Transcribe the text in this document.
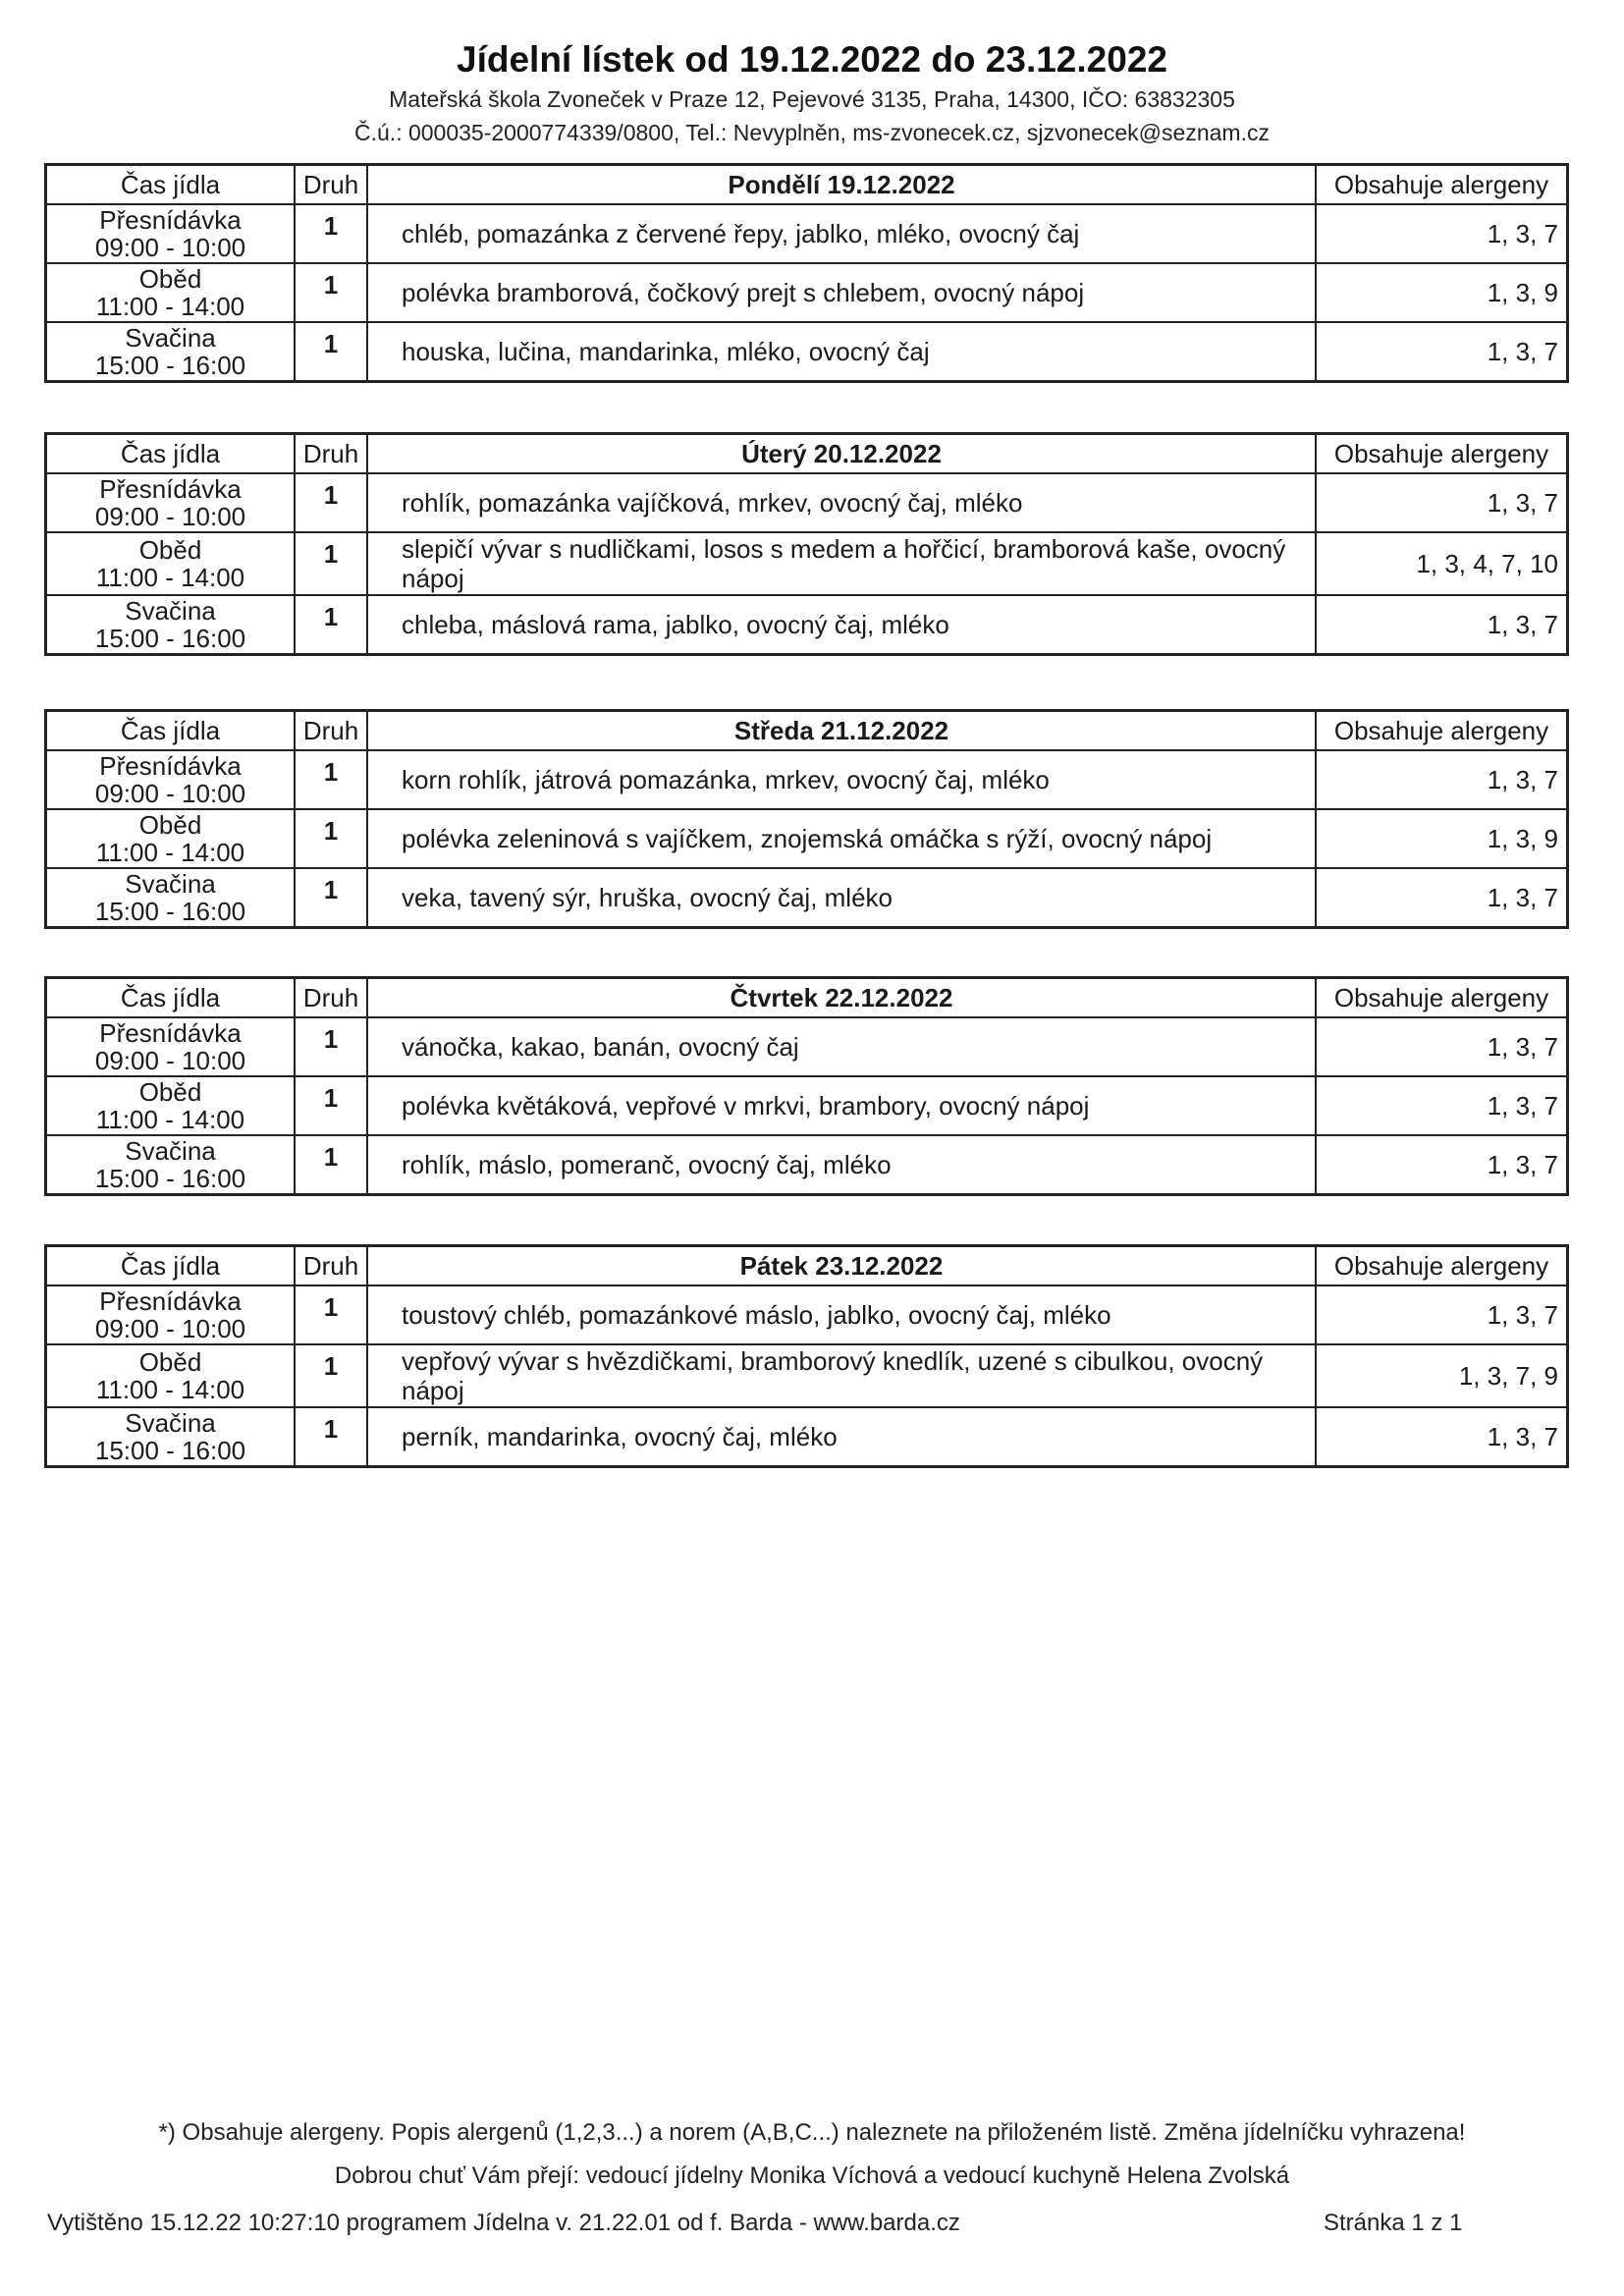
Jídelní lístek od 19.12.2022 do 23.12.2022
Mateřská škola Zvoneček v Praze 12, Pejevové 3135, Praha, 14300, IČO: 63832305
Č.ú.: 000035-2000774339/0800, Tel.: Nevyplněn, ms-zvonecek.cz, sjzvonecek@seznam.cz
Čas jídla	Druh	Pondělí 19.12.2022	Obsahuje alergeny

Přesnídávka
09:00 - 10:00	1	chléb, pomazánka z červené řepy, jablko, mléko, ovocný čaj	1, 3, 7

Oběd
11:00 - 14:00	1	polévka bramborová, čočkový prejt s chlebem, ovocný nápoj	1, 3, 9

Svačina
15:00 - 16:00	1	houska, lučina, mandarinka, mléko, ovocný čaj	1, 3, 7
Čas jídla	Druh	Úterý 20.12.2022	Obsahuje alergeny

Přesnídávka
09:00 - 10:00	1	rohlík, pomazánka vajíčková, mrkev, ovocný čaj, mléko	1, 3, 7

Oběd
11:00 - 14:00	1	slepičí vývar s nudličkami, losos s medem a hořčicí, bramborová kaše, ovocný nápoj	1, 3, 4, 7, 10

Svačina
15:00 - 16:00	1	chleba, máslová rama, jablko, ovocný čaj, mléko	1, 3, 7
Čas jídla	Druh	Středa 21.12.2022	Obsahuje alergeny

Přesnídávka
09:00 - 10:00	1	korn rohlík, játrová pomazánka, mrkev, ovocný čaj, mléko	1, 3, 7

Oběd
11:00 - 14:00	1	polévka zeleninová s vajíčkem, znojemská omáčka s rýží, ovocný nápoj	1, 3, 9

Svačina
15:00 - 16:00	1	veka, tavený sýr, hruška, ovocný čaj, mléko	1, 3, 7
Čas jídla	Druh	Čtvrtek 22.12.2022	Obsahuje alergeny

Přesnídávka
09:00 - 10:00	1	vánočka, kakao, banán, ovocný čaj	1, 3, 7

Oběd
11:00 - 14:00	1	polévka květáková, vepřové v mrkvi, brambory, ovocný nápoj	1, 3, 7

Svačina
15:00 - 16:00	1	rohlík, máslo, pomeranč, ovocný čaj, mléko	1, 3, 7
Čas jídla	Druh	Pátek 23.12.2022	Obsahuje alergeny

Přesnídávka
09:00 - 10:00	1	toustový chléb, pomazánkové máslo, jablko, ovocný čaj, mléko	1, 3, 7

Oběd
11:00 - 14:00	1	vepřový vývar s hvězdičkami, bramborový knedlík, uzené s cibulkou, ovocný nápoj	1, 3, 7, 9

Svačina
15:00 - 16:00	1	perník, mandarinka, ovocný čaj, mléko	1, 3, 7
*) Obsahuje alergeny. Popis alergenů (1,2,3...) a norem (A,B,C...) naleznete na přiloženém listě. Změna jídelníčku vyhrazena!
Dobrou chuť Vám přejí: vedoucí jídelny Monika Víchová a vedoucí kuchyně Helena Zvolská
Vytištěno 15.12.22 10:27:10 programem Jídelna v. 21.22.01 od f. Barda - www.barda.cz	Stránka 1 z 1
